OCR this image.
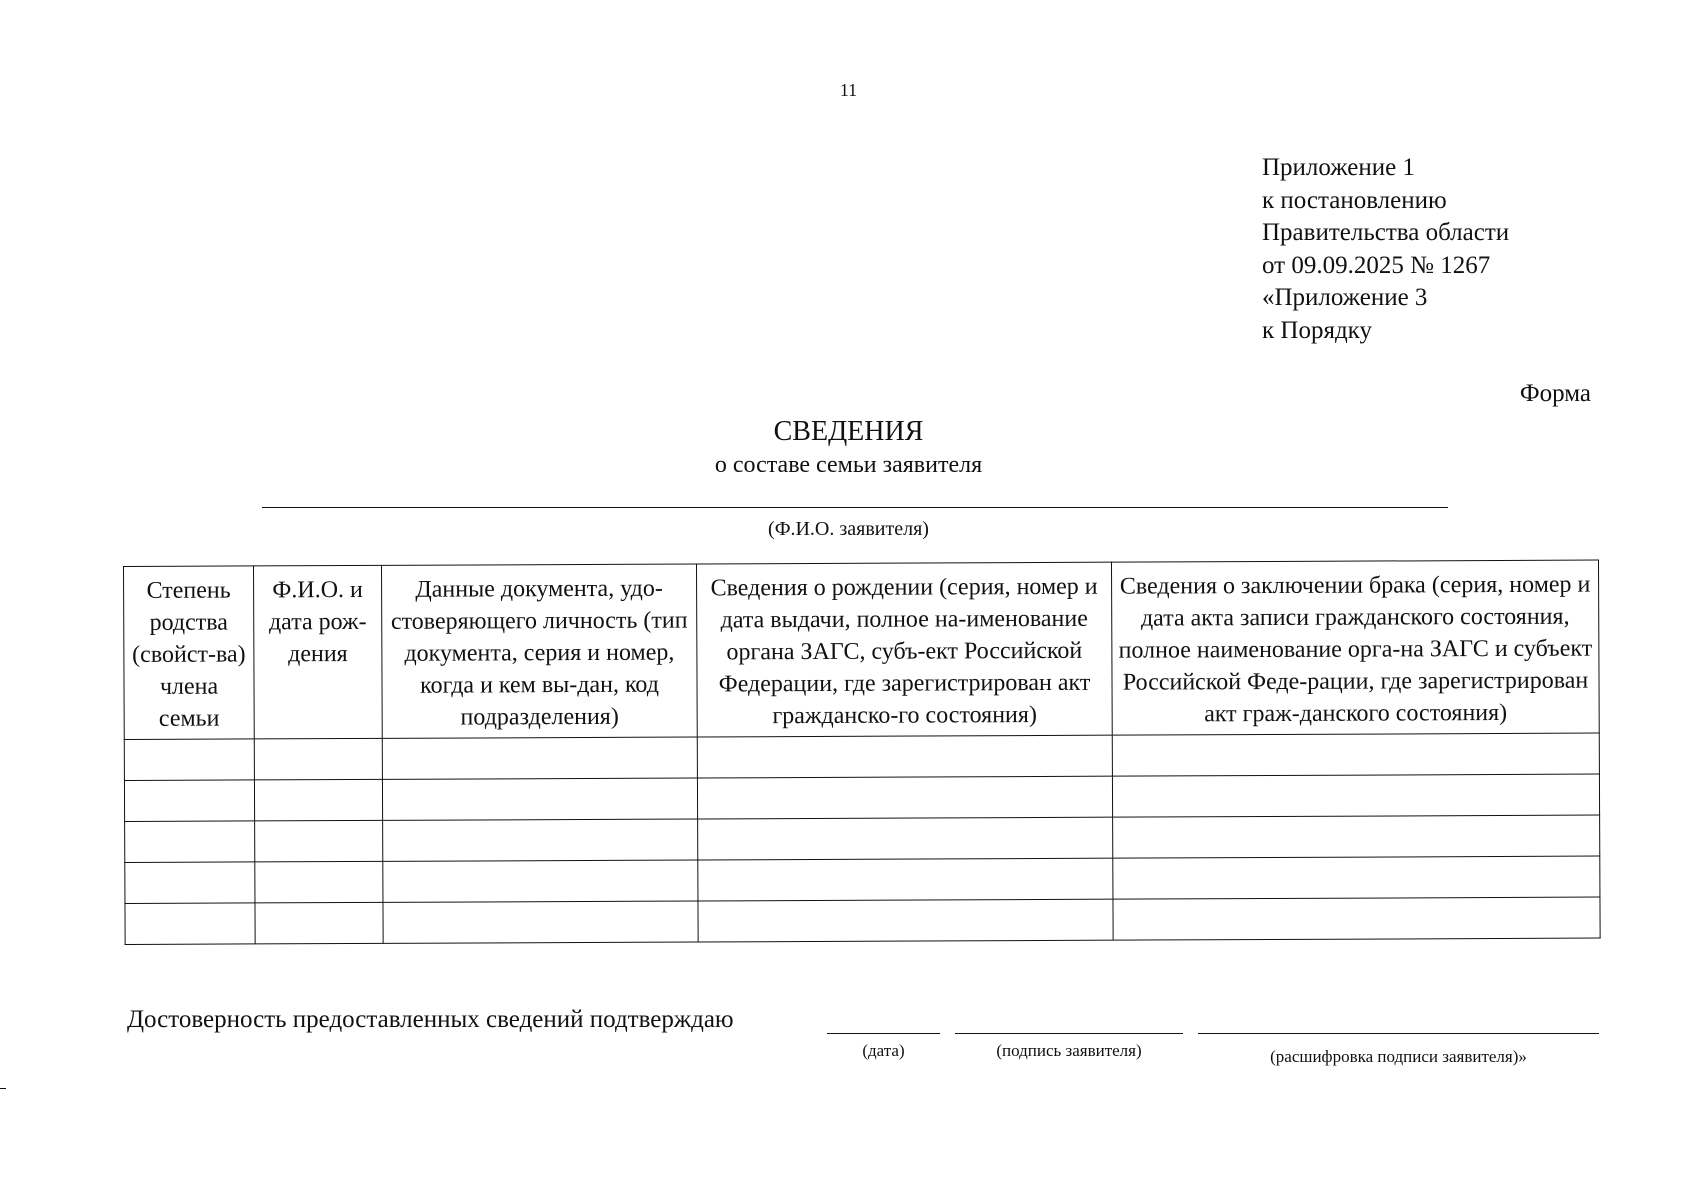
11
Приложение 1
к постановлению
Правительства области
от 09.09.2025 № 1267
«Приложение 3
к Порядку
Форма
СВЕДЕНИЯ
о составе семьи заявителя
(Ф.И.О. заявителя)
Степень родства (свойст-ва) члена семьи	Ф.И.О. и дата рож-дения	Данные документа, удо-стоверяющего личность (тип документа, серия и номер, когда и кем вы-дан, код подразделения)	Сведения о рождении (серия, номер и дата выдачи, полное на-именование органа ЗАГС, субъ-ект Российской Федерации, где зарегистрирован акт гражданско-го состояния)	Сведения о заключении брака (серия, номер и дата акта записи гражданского состояния, полное наименование орга-на ЗАГС и субъект Российской Феде-рации, где зарегистрирован акт граж-данского состояния)

Достоверность предоставленных сведений подтверждаю
(дата)	(подпись заявителя)	(расшифровка подписи заявителя)»
